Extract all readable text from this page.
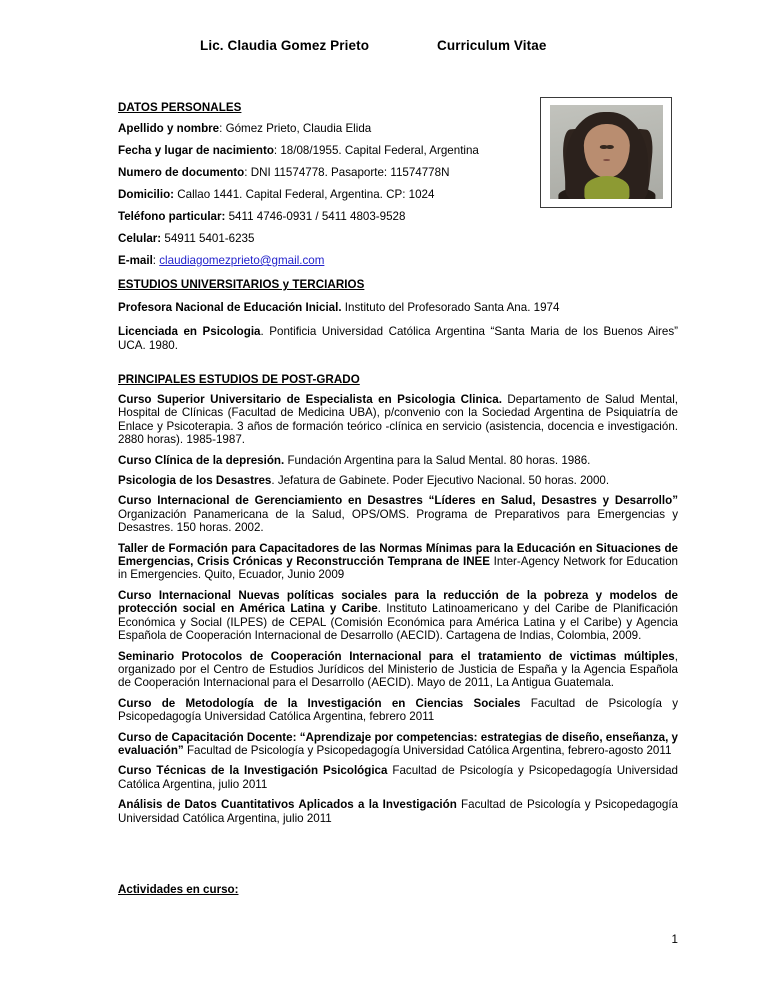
Lic. Claudia Gomez Prieto	Curriculum Vitae
DATOS PERSONALES
Apellido y nombre: Gómez Prieto, Claudia Elida
Fecha y lugar de nacimiento: 18/08/1955. Capital Federal, Argentina
Numero de documento: DNI 11574778. Pasaporte: 11574778N
Domicilio: Callao 1441. Capital Federal, Argentina. CP: 1024
Teléfono particular: 5411 4746-0931 / 5411 4803-9528
Celular: 54911 5401-6235
E-mail: claudiagomezprieto@gmail.com
ESTUDIOS UNIVERSITARIOS y TERCIARIOS
Profesora Nacional de Educación Inicial. Instituto del Profesorado Santa Ana. 1974
Licenciada en Psicologia. Pontificia Universidad Católica Argentina “Santa Maria de los Buenos Aires” UCA. 1980.
PRINCIPALES ESTUDIOS DE POST-GRADO
Curso Superior Universitario de Especialista en Psicologia Clinica. Departamento de Salud Mental, Hospital de Clínicas (Facultad de Medicina UBA), p/convenio con la Sociedad Argentina de Psiquiatría de Enlace y Psicoterapia. 3 años de formación teórico -clínica en servicio (asistencia, docencia e investigación. 2880 horas). 1985-1987.
Curso Clínica de la depresión. Fundación Argentina para la Salud Mental. 80 horas. 1986.
Psicologia de los Desastres. Jefatura de Gabinete. Poder Ejecutivo Nacional. 50 horas. 2000.
Curso Internacional de Gerenciamiento en Desastres “Líderes en Salud, Desastres y Desarrollo” Organización Panamericana de la Salud, OPS/OMS. Programa de Preparativos para Emergencias y Desastres. 150 horas. 2002.
Taller de Formación para Capacitadores de las Normas Mínimas para la Educación en Situaciones de Emergencias, Crisis Crónicas y Reconstrucción Temprana de INEE Inter-Agency Network for Education in Emergencies. Quito, Ecuador, Junio 2009
Curso Internacional Nuevas políticas sociales para la reducción de la pobreza y modelos de protección social en América Latina y Caribe. Instituto Latinoamericano y del Caribe de Planificación Económica y Social (ILPES) de CEPAL (Comisión Económica para América Latina y el Caribe) y Agencia Española de Cooperación Internacional de Desarrollo (AECID). Cartagena de Indias, Colombia, 2009.
Seminario Protocolos de Cooperación Internacional para el tratamiento de victimas múltiples, organizado por el Centro de Estudios Jurídicos del Ministerio de Justicia de España y la Agencia Española de Cooperación Internacional para el Desarrollo (AECID). Mayo de 2011, La Antigua Guatemala.
Curso de Metodología de la Investigación en Ciencias Sociales Facultad de Psicología y Psicopedagogía Universidad Católica Argentina, febrero 2011
Curso de Capacitación Docente: “Aprendizaje por competencias: estrategias de diseño, enseñanza, y evaluación” Facultad de Psicología y Psicopedagogía Universidad Católica Argentina, febrero-agosto 2011
Curso Técnicas de la Investigación Psicológica Facultad de Psicología y Psicopedagogía Universidad Católica Argentina, julio 2011
Análisis de Datos Cuantitativos Aplicados a la Investigación Facultad de Psicología y Psicopedagogía Universidad Católica Argentina, julio 2011
Actividades en curso:
1
